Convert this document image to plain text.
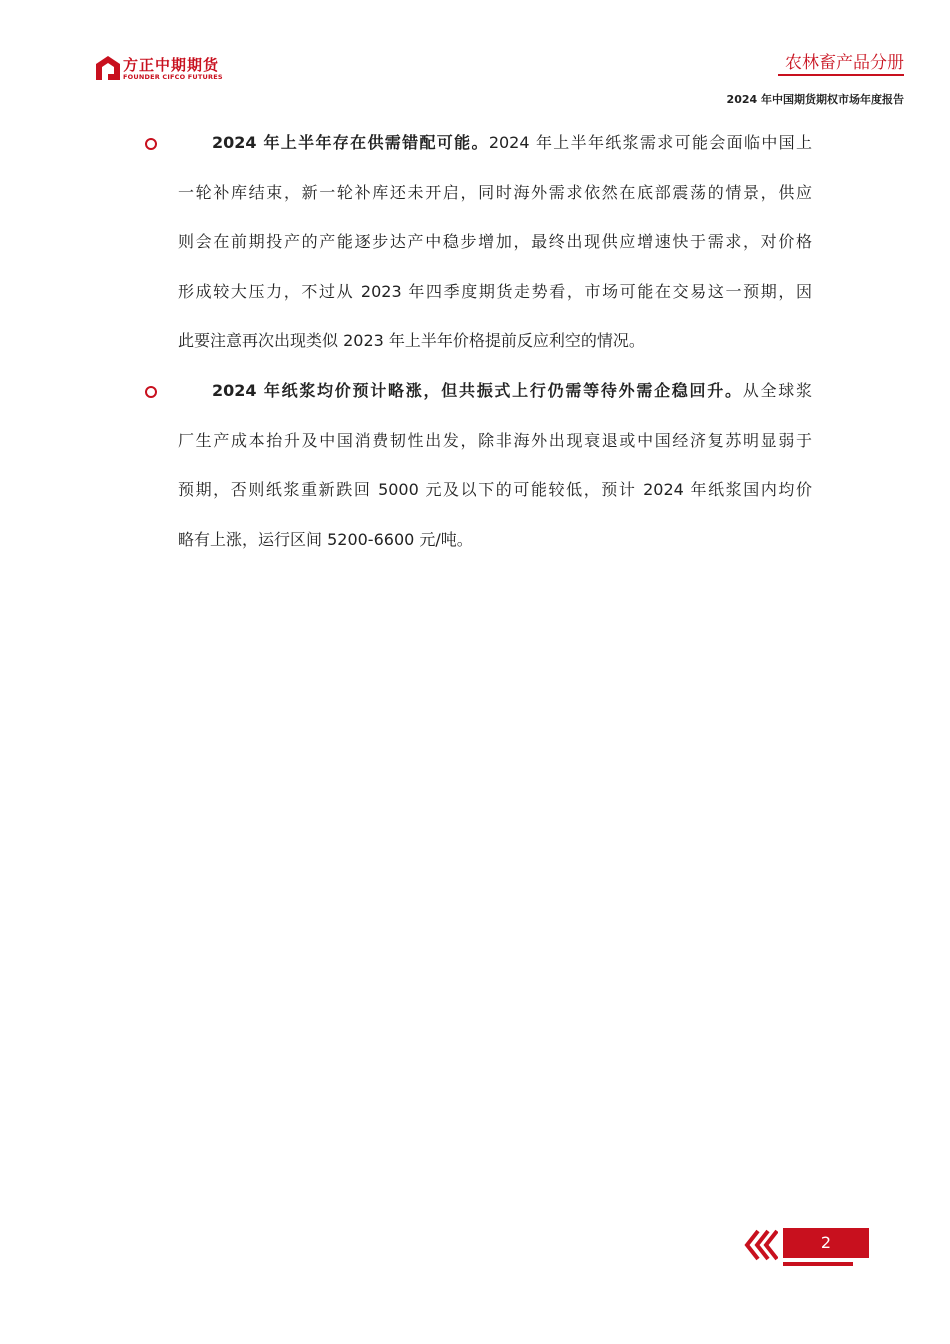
方正中期期货
FOUNDER CIFCO FUTURES
农林畜产品分册
2024 年中国期货期权市场年度报告
2024 年上半年存在供需错配可能。2024 年上半年纸浆需求可能会面临中国上
一轮补库结束，新一轮补库还未开启，同时海外需求依然在底部震荡的情景，供应
则会在前期投产的产能逐步达产中稳步增加，最终出现供应增速快于需求，对价格
形成较大压力，不过从 2023 年四季度期货走势看，市场可能在交易这一预期，因
此要注意再次出现类似 2023 年上半年价格提前反应利空的情况。
2024 年纸浆均价预计略涨，但共振式上行仍需等待外需企稳回升。从全球浆
厂生产成本抬升及中国消费韧性出发，除非海外出现衰退或中国经济复苏明显弱于
预期，否则纸浆重新跌回 5000 元及以下的可能较低，预计 2024 年纸浆国内均价
略有上涨，运行区间 5200-6600 元/吨。
2
